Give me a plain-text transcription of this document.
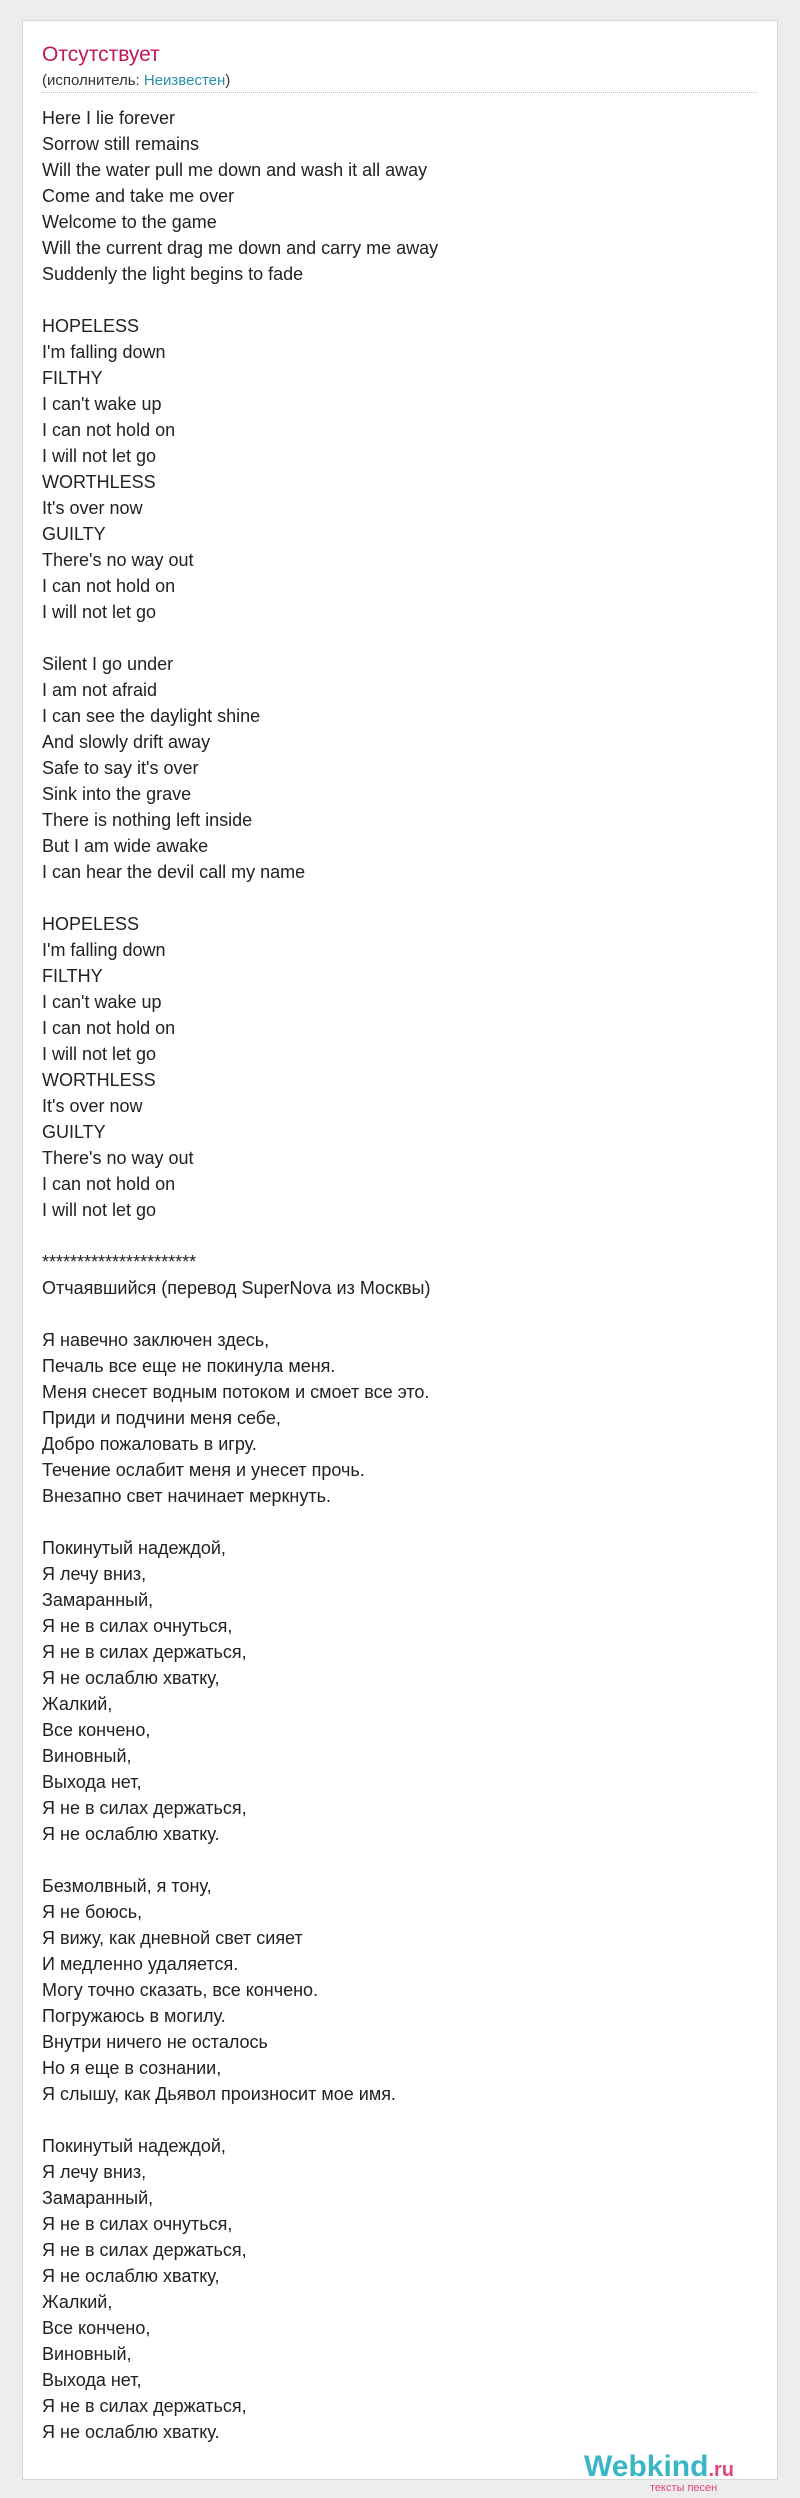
Отсутствует
(исполнитель: Неизвестен)
Here I lie forever
Sorrow still remains
Will the water pull me down and wash it all away
Come and take me over
Welcome to the game
Will the current drag me down and carry me away
Suddenly the light begins to fade
HOPELESS
I'm falling down
FILTHY
I can't wake up
I can not hold on
I will not let go
WORTHLESS
It's over now
GUILTY
There's no way out
I can not hold on
I will not let go
Silent I go under
I am not afraid
I can see the daylight shine
And slowly drift away
Safe to say it's over
Sink into the grave
There is nothing left inside
But I am wide awake
I can hear the devil call my name
HOPELESS
I'm falling down
FILTHY
I can't wake up
I can not hold on
I will not let go
WORTHLESS
It's over now
GUILTY
There's no way out
I can not hold on
I will not let go
**********************
Отчаявшийся (перевод SuperNova из Москвы)
Я навечно заключен здесь,
Печаль все еще не покинула меня.
Меня снесет водным потоком и смоет все это.
Приди и подчини меня себе,
Добро пожаловать в игру.
Течение ослабит меня и унесет прочь.
Внезапно свет начинает меркнуть.
Покинутый надеждой,
Я лечу вниз,
Замаранный,
Я не в силах очнуться,
Я не в силах держаться,
Я не ослаблю хватку,
Жалкий,
Все кончено,
Виновный,
Выхода нет,
Я не в силах держаться,
Я не ослаблю хватку.
Безмолвный, я тону,
Я не боюсь,
Я вижу, как дневной свет сияет
И медленно удаляется.
Могу точно сказать, все кончено.
Погружаюсь в могилу.
Внутри ничего не осталось
Но я еще в сознании,
Я слышу, как Дьявол произносит мое имя.
Покинутый надеждой,
Я лечу вниз,
Замаранный,
Я не в силах очнуться,
Я не в силах держаться,
Я не ослаблю хватку,
Жалкий,
Все кончено,
Виновный,
Выхода нет,
Я не в силах держаться,
Я не ослаблю хватку.
Webkind.ru
тексты песен
